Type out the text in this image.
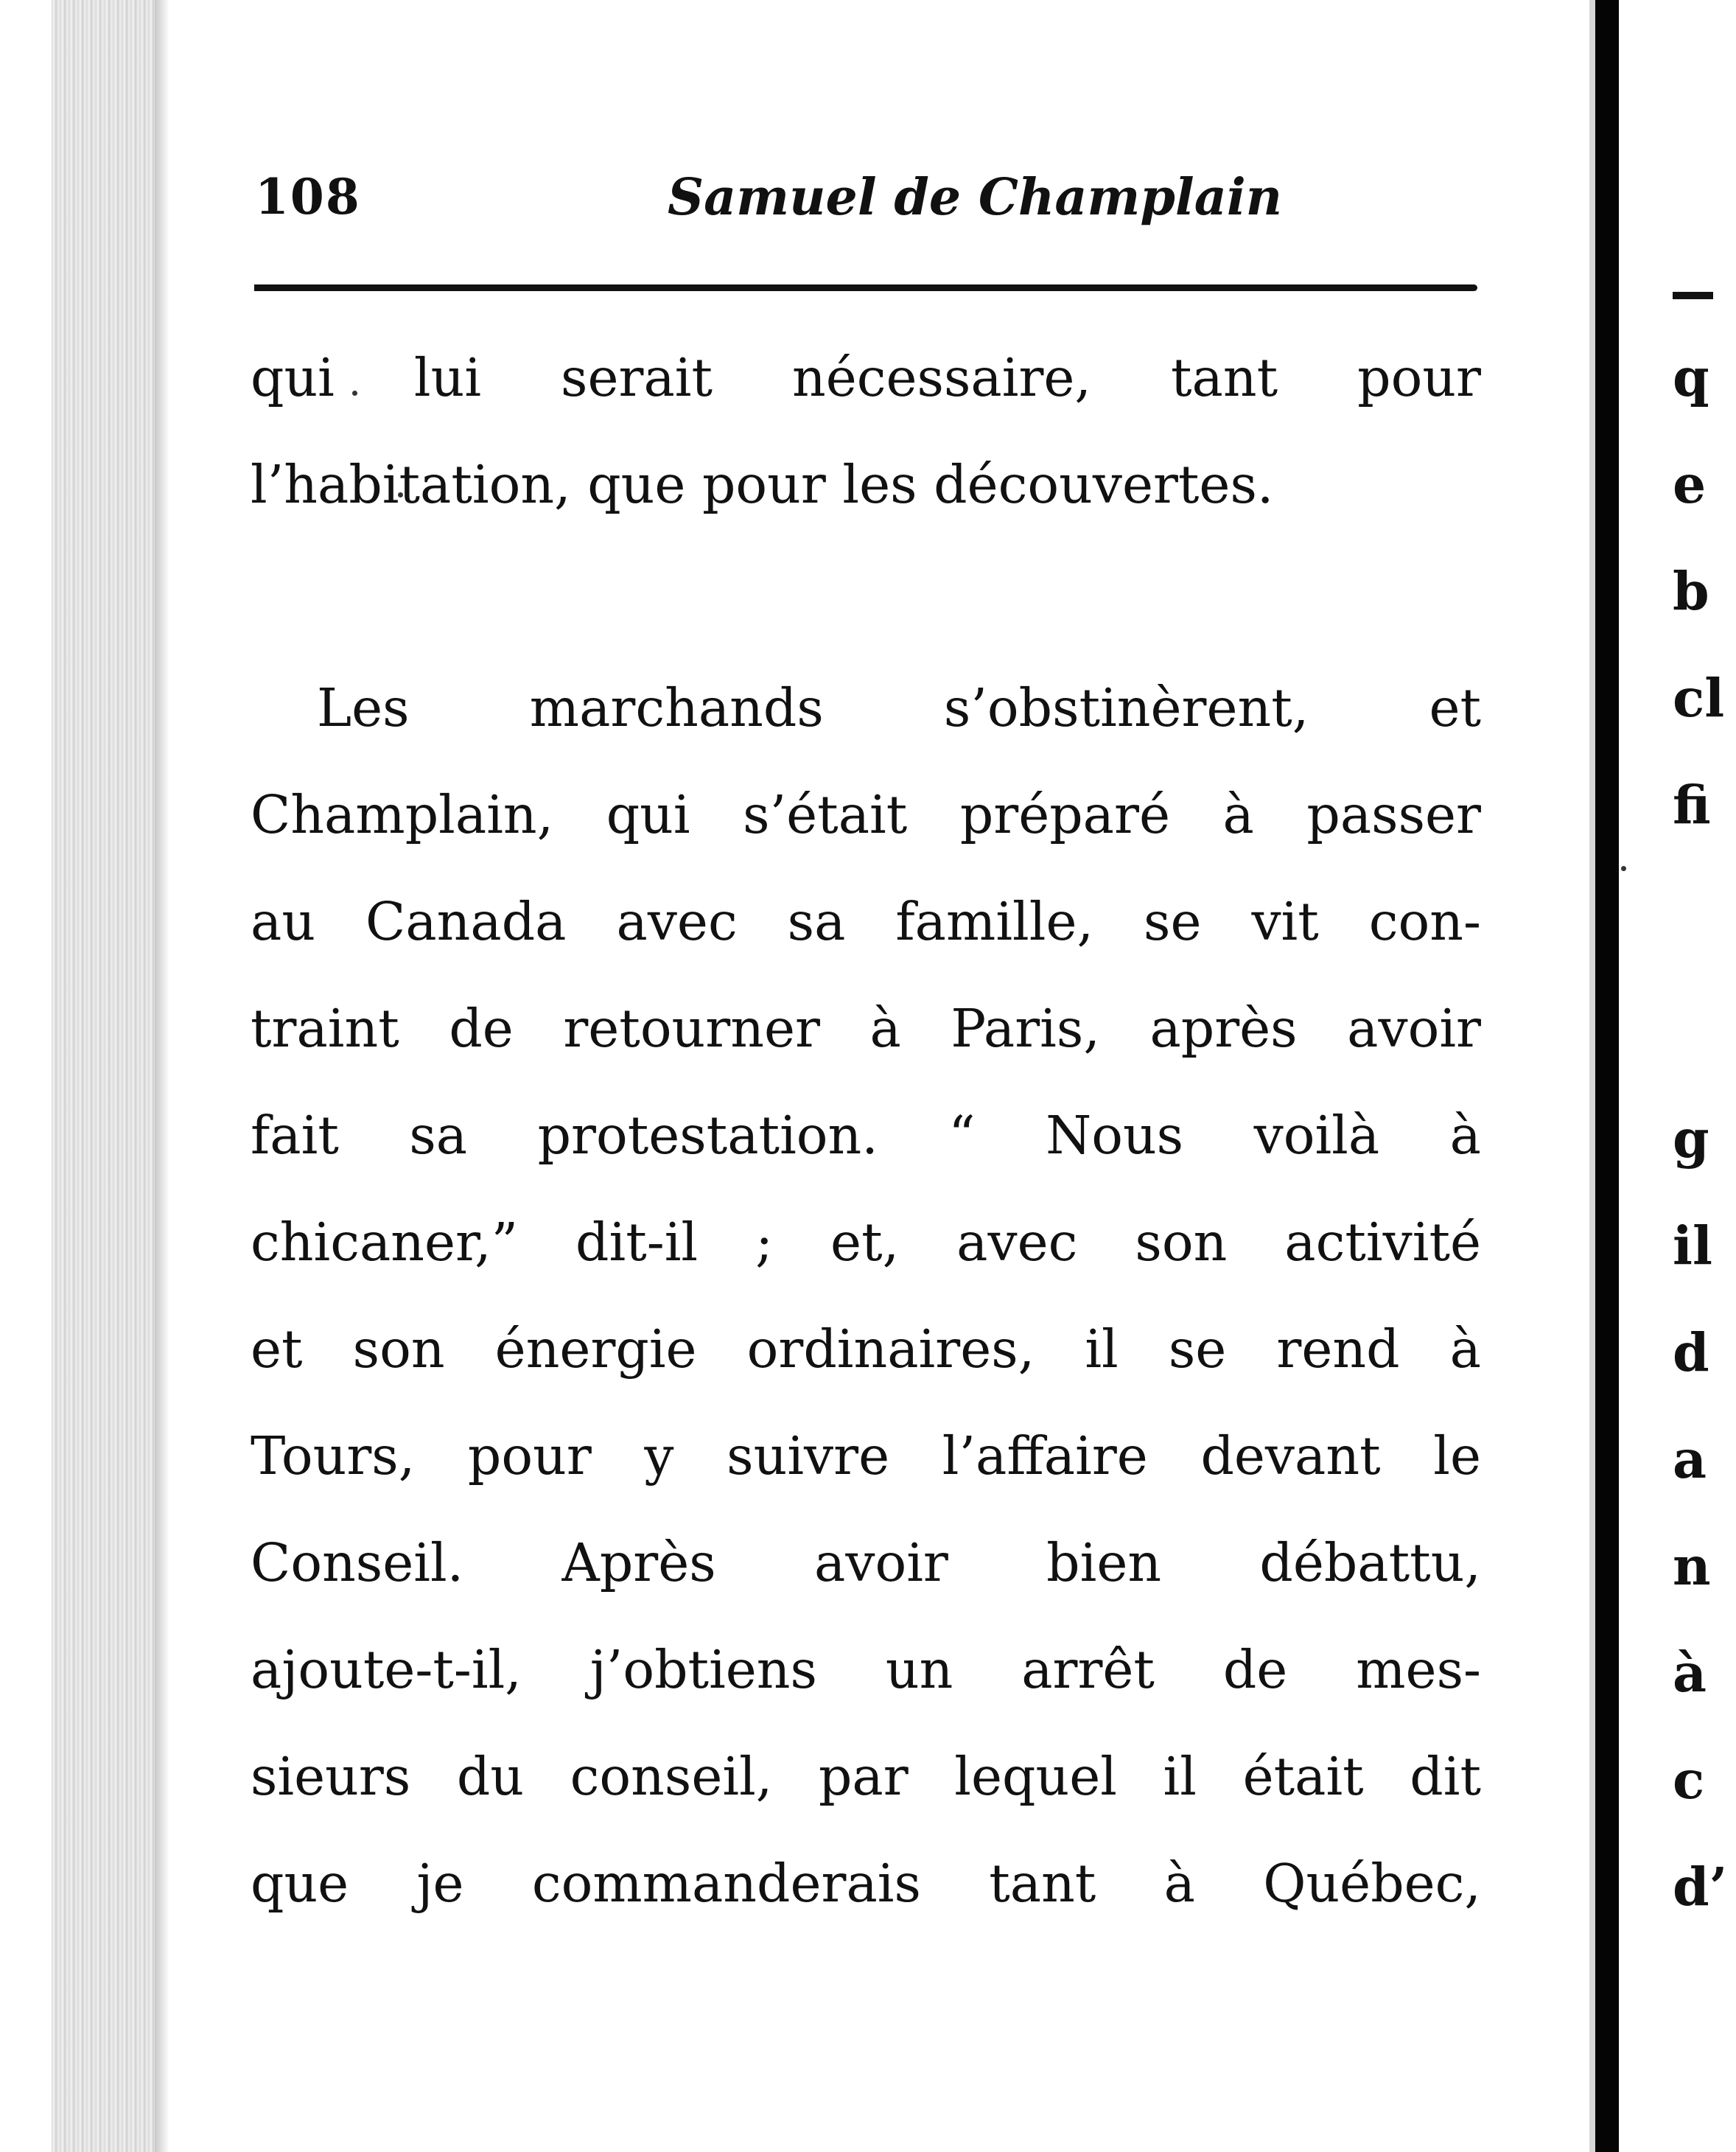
108	Samuel de Champlain
qui lui serait nécessaire, tant pour
l’habitation, que pour les découvertes.
Les marchands s’obstinèrent, et
Champlain, qui s’était préparé à passer
au Canada avec sa famille, se vit con-
traint de retourner à Paris, après avoir
fait sa protestation. “ Nous voilà à
chicaner,” dit-il ; et, avec son activité
et son énergie ordinaires, il se rend à
Tours, pour y suivre l’affaire devant le
Conseil. Après avoir bien débattu,
ajoute-t-il, j’obtiens un arrêt de mes-
sieurs du conseil, par lequel il était dit
que je commanderais tant à Québec,
q
e
b
cl
fi
g
il
d
a
n
à
c
d’
